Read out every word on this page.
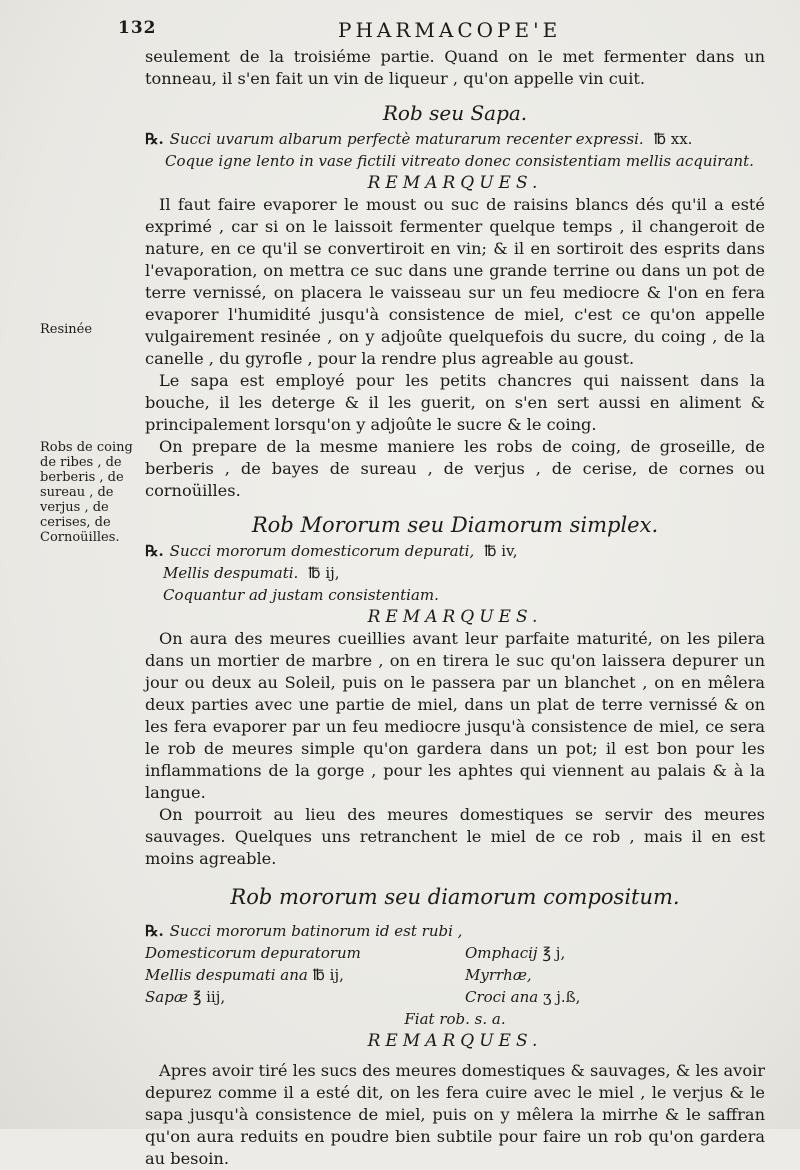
132	PHARMACOPE'E
Resinée
Robs de coing de ribes , de berberis , de sureau , de verjus , de cerises, de Cornoüilles.

seulement de la troisiéme partie. Quand on le met fermenter dans un tonneau, il s'en fait un vin de liqueur , qu'on appelle vin cuit.

Rob seu Sapa.

℞. Succi uvarum albarum perfectè maturarum recenter expressi. ℔ xx.

Coque igne lento in vase fictili vitreato donec consistentiam mellis acquirant.

REMARQUES.

Il faut faire evaporer le moust ou suc de raisins blancs dés qu'il a esté exprimé , car si on le laissoit fermenter quelque temps , il changeroit de nature, en ce qu'il se convertiroit en vin; & il en sortiroit des esprits dans l'evaporation, on mettra ce suc dans une grande terrine ou dans un pot de terre vernissé, on placera le vaisseau sur un feu mediocre & l'on en fera evaporer l'humidité jusqu'à consistence de miel, c'est ce qu'on appelle vulgairement resinée , on y adjoûte quelquefois du sucre, du coing , de la canelle , du gyrofle , pour la rendre plus agreable au goust.

Le sapa est employé pour les petits chancres qui naissent dans la bouche, il les deterge & il les guerit, on s'en sert aussi en aliment & principalement lorsqu'on y adjoûte le sucre & le coing.

On prepare de la mesme maniere les robs de coing, de groseille, de berberis , de bayes de sureau , de verjus , de cerise, de cornes ou cornoüilles.

Rob Mororum seu Diamorum simplex.

℞. Succi mororum domesticorum depurati, ℔ iv,

Mellis despumati. ℔ ij,

Coquantur ad justam consistentiam.

REMARQUES.

On aura des meures cueillies avant leur parfaite maturité, on les pilera dans un mortier de marbre , on en tirera le suc qu'on laissera depurer un jour ou deux au Soleil, puis on le passera par un blanchet , on en mêlera deux parties avec une partie de miel, dans un plat de terre vernissé & on les fera evaporer par un feu mediocre jusqu'à consistence de miel, ce sera le rob de meures simple qu'on gardera dans un pot; il est bon pour les inflammations de la gorge , pour les aphtes qui viennent au palais & à la langue.

On pourroit au lieu des meures domestiques se servir des meures sauvages. Quelques uns retranchent le miel de ce rob , mais il en est moins agreable.

Rob mororum seu diamorum compositum.

℞. Succi mororum batinorum id est rubi ,

Domesticorum depuratorum	Omphacij ℥ j,
Mellis despumati ana ℔ ij,	Myrrhæ,
Sapæ ℥ iij,	Croci ana ʒ j.ß,

Fiat rob. s. a.

REMARQUES.

Apres avoir tiré les sucs des meures domestiques & sauvages, & les avoir depurez comme il a esté dit, on les fera cuire avec le miel , le verjus & le sapa jusqu'à consistence de miel, puis on y mêlera la mirrhe & le saffran qu'on aura reduits en poudre bien subtile pour faire un rob qu'on gardera au besoin.
